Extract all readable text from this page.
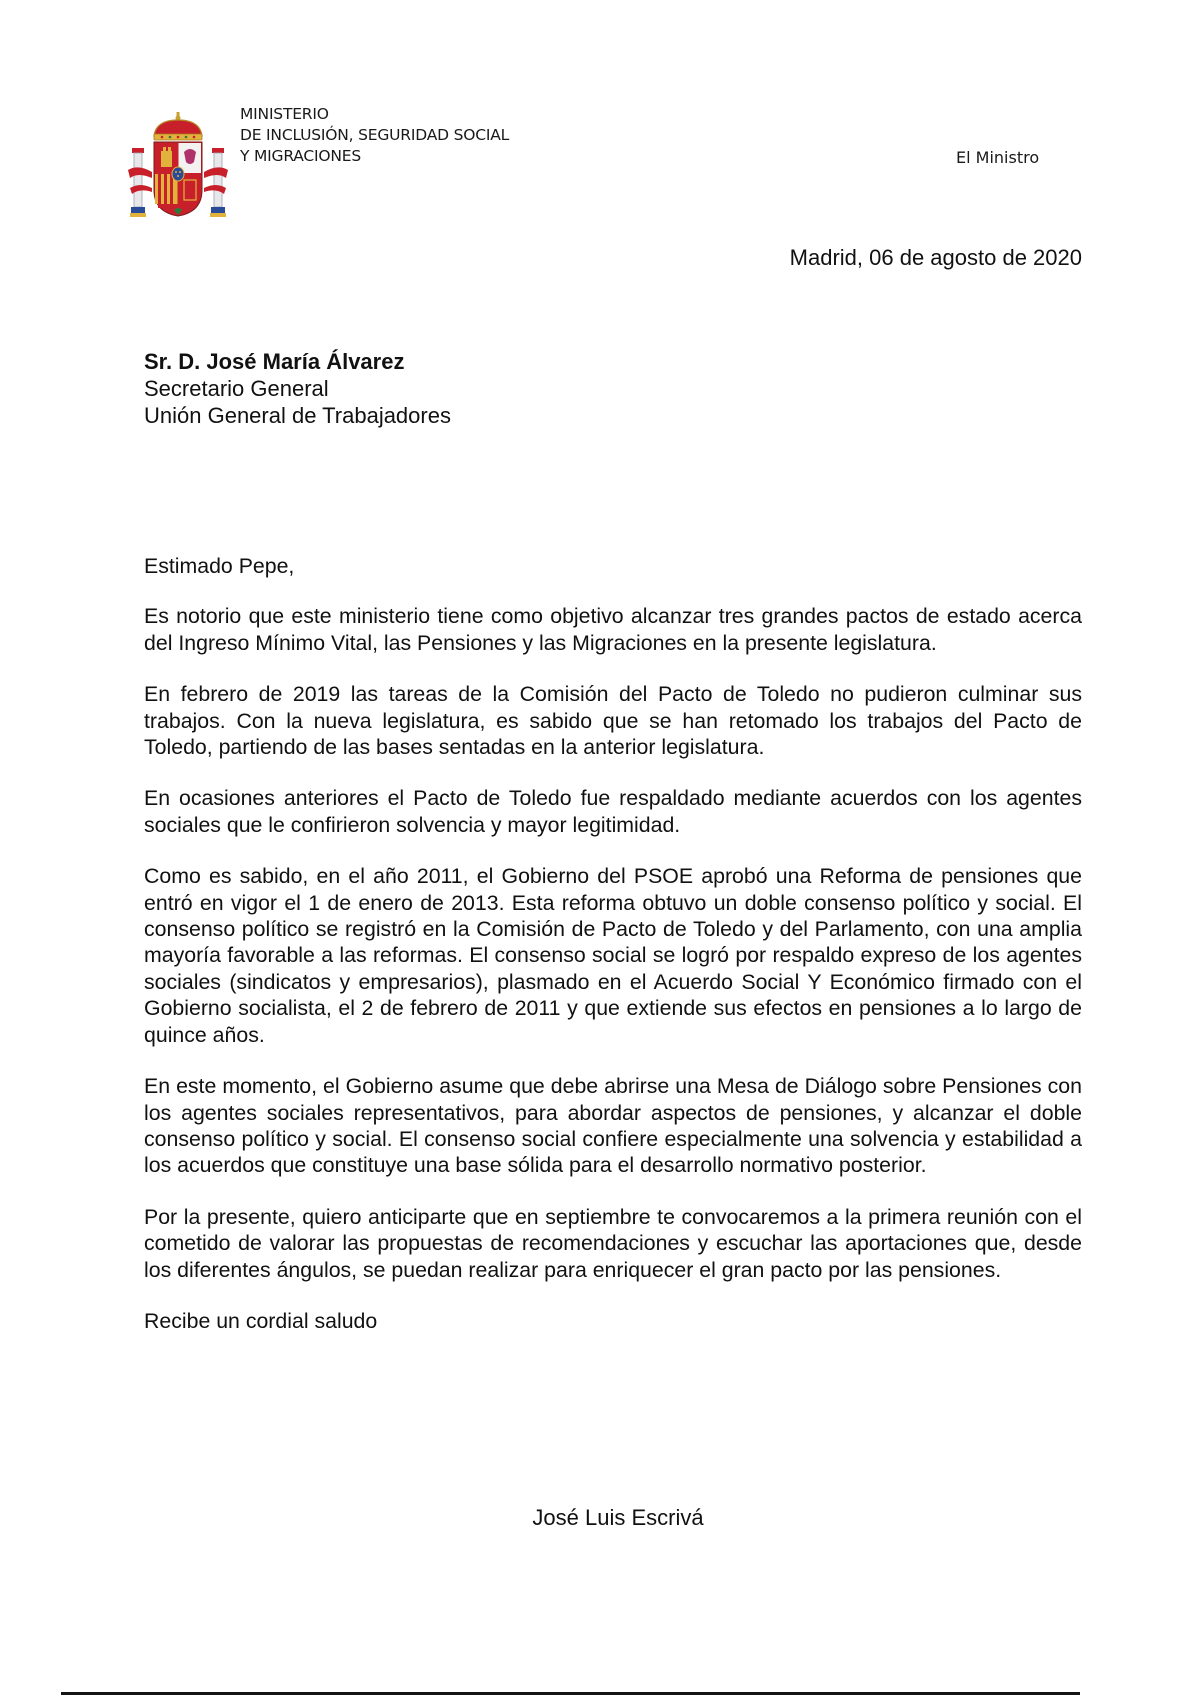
MINISTERIO
DE INCLUSIÓN, SEGURIDAD SOCIAL
Y MIGRACIONES	El Ministro
Madrid, 06 de agosto de 2020
Sr. D. José María Álvarez
Secretario General
Unión General de Trabajadores

Estimado Pepe,

Es notorio que este ministerio tiene como objetivo alcanzar tres grandes pactos de estado acerca del Ingreso Mínimo Vital, las Pensiones y las Migraciones en la presente legislatura.

En febrero de 2019 las tareas de la Comisión del Pacto de Toledo no pudieron culminar sus trabajos. Con la nueva legislatura, es sabido que se han retomado los trabajos del Pacto de Toledo, partiendo de las bases sentadas en la anterior legislatura.

En ocasiones anteriores el Pacto de Toledo fue respaldado mediante acuerdos con los agentes sociales que le confirieron solvencia y mayor legitimidad.

Como es sabido, en el año 2011, el Gobierno del PSOE aprobó una Reforma de pensiones que entró en vigor el 1 de enero de 2013. Esta reforma obtuvo un doble consenso político y social. El consenso político se registró en la Comisión de Pacto de Toledo y del Parlamento, con una amplia mayoría favorable a las reformas. El consenso social se logró por respaldo expreso de los agentes sociales (sindicatos y empresarios), plasmado en el Acuerdo Social Y Económico firmado con el Gobierno socialista, el 2 de febrero de 2011 y que extiende sus efectos en pensiones a lo largo de quince años.

En este momento, el Gobierno asume que debe abrirse una Mesa de Diálogo sobre Pensiones con los agentes sociales representativos, para abordar aspectos de pensiones, y alcanzar el doble consenso político y social. El consenso social confiere especialmente una solvencia y estabilidad a los acuerdos que constituye una base sólida para el desarrollo normativo posterior.

Por la presente, quiero anticiparte que en septiembre te convocaremos a la primera reunión con el cometido de valorar las propuestas de recomendaciones y escuchar las aportaciones que, desde los diferentes ángulos, se puedan realizar para enriquecer el gran pacto por las pensiones.

Recibe un cordial saludo

José Luis Escrivá
